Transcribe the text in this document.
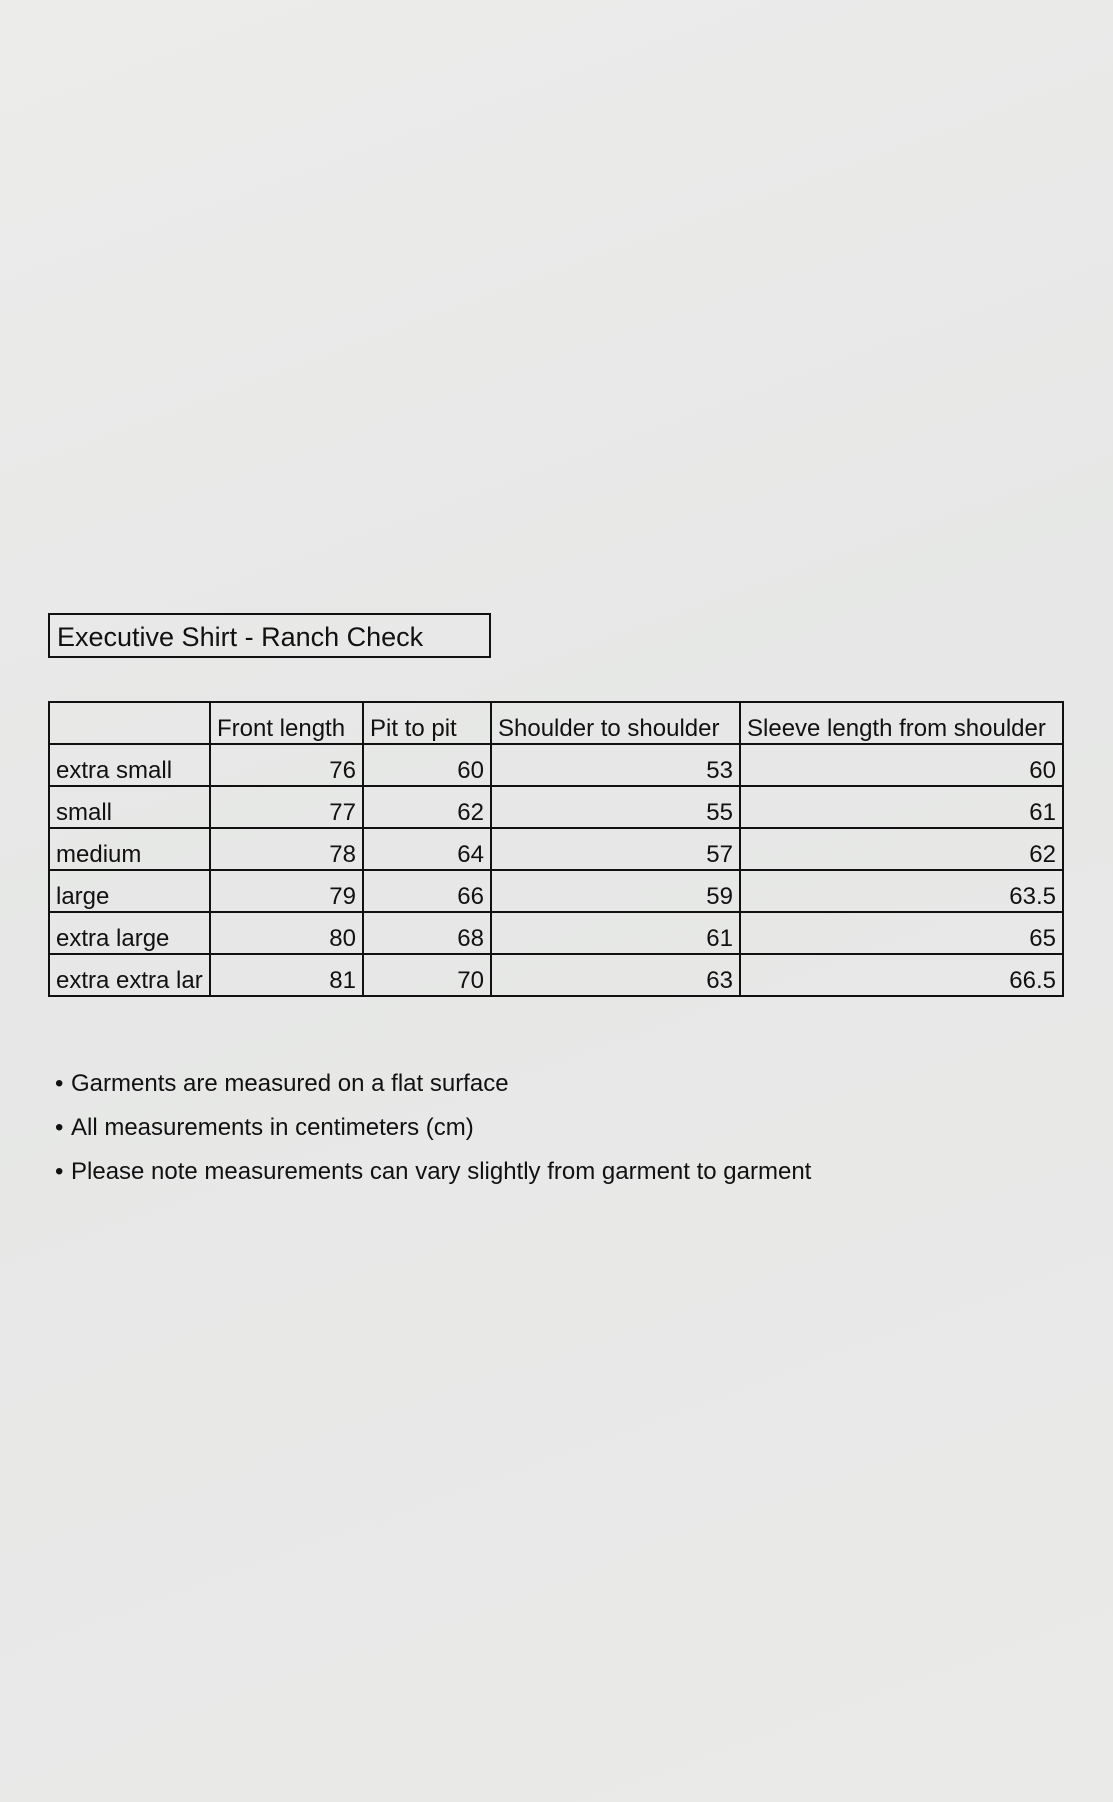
Executive Shirt - Ranch Check
	Front length	Pit to pit	Shoulder to shoulder	Sleeve length from shoulder
extra small	76	60	53	60
small	77	62	55	61
medium	78	64	57	62
large	79	66	59	63.5
extra large	80	68	61	65
extra extra lar	81	70	63	66.5
• Garments are measured on a flat surface
• All measurements in centimeters (cm)
• Please note measurements can vary slightly from garment to garment
